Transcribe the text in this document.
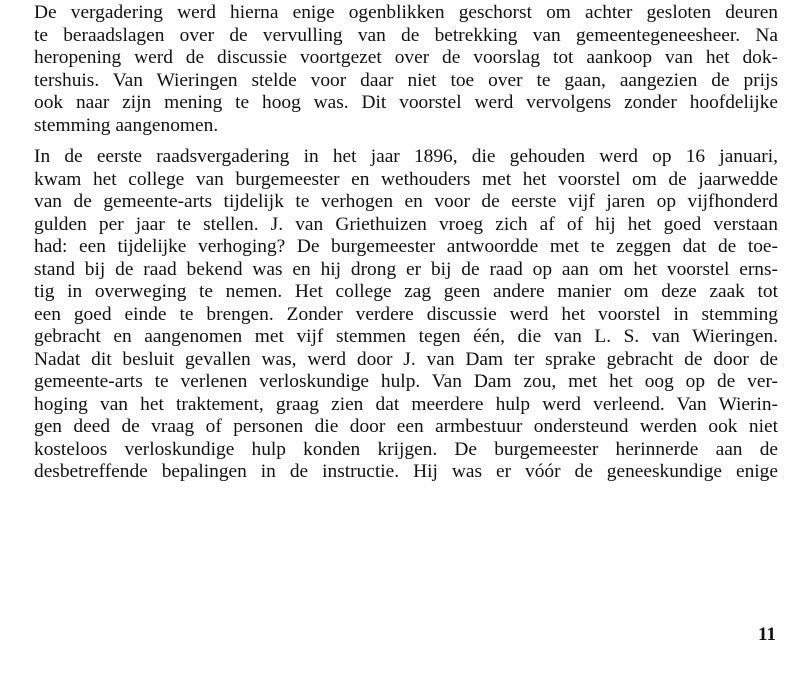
De vergadering werd hierna enige ogenblikken geschorst om achter gesloten deuren
te beraadslagen over de vervulling van de betrekking van gemeentegeneesheer. Na
heropening werd de discussie voortgezet over de voorslag tot aankoop van het dok-
tershuis. Van Wieringen stelde voor daar niet toe over te gaan, aangezien de prijs
ook naar zijn mening te hoog was. Dit voorstel werd vervolgens zonder hoofdelijke
stemming aangenomen.
In de eerste raadsvergadering in het jaar 1896, die gehouden werd op 16 januari,
kwam het college van burgemeester en wethouders met het voorstel om de jaarwedde
van de gemeente-arts tijdelijk te verhogen en voor de eerste vijf jaren op vijfhonderd
gulden per jaar te stellen. J. van Griethuizen vroeg zich af of hij het goed verstaan
had: een tijdelijke verhoging? De burgemeester antwoordde met te zeggen dat de toe-
stand bij de raad bekend was en hij drong er bij de raad op aan om het voorstel erns-
tig in overweging te nemen. Het college zag geen andere manier om deze zaak tot
een goed einde te brengen. Zonder verdere discussie werd het voorstel in stemming
gebracht en aangenomen met vijf stemmen tegen één, die van L. S. van Wieringen.
Nadat dit besluit gevallen was, werd door J. van Dam ter sprake gebracht de door de
gemeente-arts te verlenen verloskundige hulp. Van Dam zou, met het oog op de ver-
hoging van het traktement, graag zien dat meerdere hulp werd verleend. Van Wierin-
gen deed de vraag of personen die door een armbestuur ondersteund werden ook niet
kosteloos verloskundige hulp konden krijgen. De burgemeester herinnerde aan de
desbetreffende bepalingen in de instructie. Hij was er vóór de geneeskundige enige
11
